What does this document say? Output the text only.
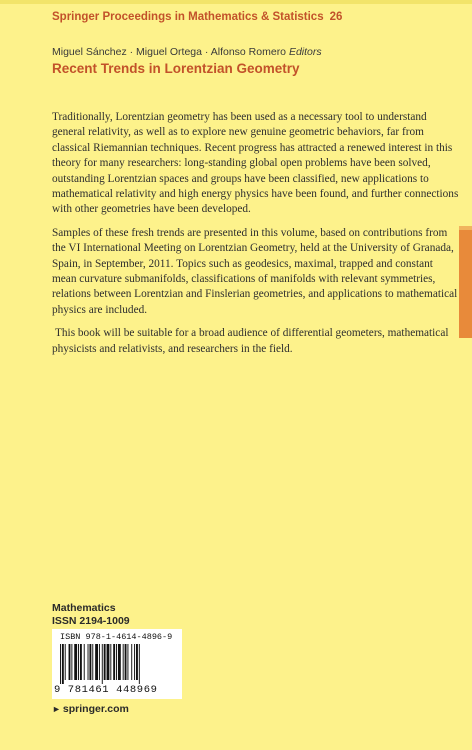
Springer Proceedings in Mathematics & Statistics 26
Miguel Sánchez · Miguel Ortega · Alfonso Romero Editors
Recent Trends in Lorentzian Geometry

Traditionally, Lorentzian geometry has been used as a necessary tool to understand general relativity, as well as to explore new genuine geometric behaviors, far from classical Riemannian techniques. Recent progress has attracted a renewed interest in this theory for many researchers: long-standing global open problems have been solved, outstanding Lorentzian spaces and groups have been classified, new applications to mathematical relativity and high energy physics have been found, and further connections with other geometries have been developed.

Samples of these fresh trends are presented in this volume, based on contributions from the VI International Meeting on Lorentzian Geometry, held at the University of Granada, Spain, in September, 2011. Topics such as geodesics, maximal, trapped and constant mean curvature submanifolds, classifications of manifolds with relevant symmetries, relations between Lorentzian and Finslerian geometries, and applications to mathematical physics are included.

This book will be suitable for a broad audience of differential geometers, mathematical physicists and relativists, and researchers in the field.

Mathematics
ISSN 2194-1009
ISBN 978-1-4614-4896-9
9 781461 448969
► springer.com
